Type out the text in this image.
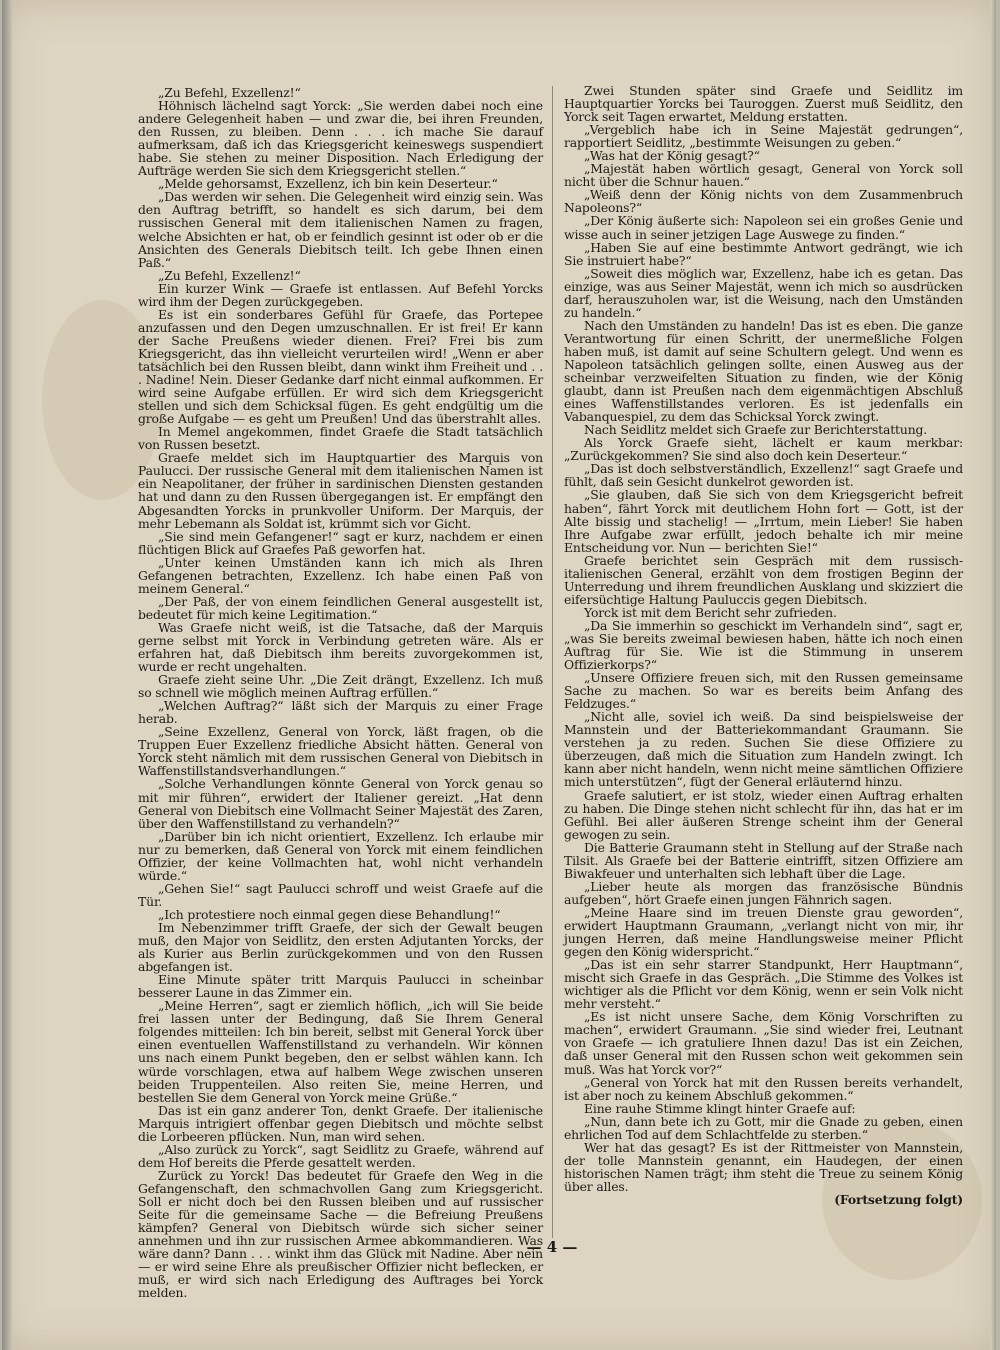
„Zu Befehl, Exzellenz!“

Höhnisch lächelnd sagt Yorck: „Sie werden dabei noch eine andere Gelegenheit haben — und zwar die, bei ihren Freunden, den Russen, zu bleiben. Denn . . . ich mache Sie darauf aufmerksam, daß ich das Kriegsgericht keineswegs suspendiert habe. Sie stehen zu meiner Disposition. Nach Erledigung der Aufträge werden Sie sich dem Kriegsgericht stellen.“

„Melde gehorsamst, Exzellenz, ich bin kein Deserteur.“

„Das werden wir sehen. Die Gelegenheit wird einzig sein. Was den Auftrag betrifft, so handelt es sich darum, bei dem russischen General mit dem italienischen Namen zu fragen, welche Absichten er hat, ob er feindlich gesinnt ist oder ob er die Ansichten des Generals Diebitsch teilt. Ich gebe Ihnen einen Paß.“

„Zu Befehl, Exzellenz!“

Ein kurzer Wink — Graefe ist entlassen. Auf Befehl Yorcks wird ihm der Degen zurückgegeben.

Es ist ein sonderbares Gefühl für Graefe, das Portepee anzufassen und den Degen umzuschnallen. Er ist frei! Er kann der Sache Preußens wieder dienen. Frei? Frei bis zum Kriegsgericht, das ihn vielleicht verurteilen wird! „Wenn er aber tatsächlich bei den Russen bleibt, dann winkt ihm Freiheit und . . . Nadine! Nein. Dieser Gedanke darf nicht einmal aufkommen. Er wird seine Aufgabe erfüllen. Er wird sich dem Kriegsgericht stellen und sich dem Schicksal fügen. Es geht endgültig um die große Aufgabe — es geht um Preußen! Und das überstrahlt alles.

In Memel angekommen, findet Graefe die Stadt tatsächlich von Russen besetzt.

Graefe meldet sich im Hauptquartier des Marquis von Paulucci. Der russische General mit dem italienischen Namen ist ein Neapolitaner, der früher in sardinischen Diensten gestanden hat und dann zu den Russen übergegangen ist. Er empfängt den Abgesandten Yorcks in prunkvoller Uniform. Der Marquis, der mehr Lebemann als Soldat ist, krümmt sich vor Gicht.

„Sie sind mein Gefangener!“ sagt er kurz, nachdem er einen flüchtigen Blick auf Graefes Paß geworfen hat.

„Unter keinen Umständen kann ich mich als Ihren Gefangenen betrachten, Exzellenz. Ich habe einen Paß von meinem General.“

„Der Paß, der von einem feindlichen General ausgestellt ist, bedeutet für mich keine Legitimation.“

Was Graefe nicht weiß, ist die Tatsache, daß der Marquis gerne selbst mit Yorck in Verbindung getreten wäre. Als er erfahren hat, daß Diebitsch ihm bereits zuvorgekommen ist, wurde er recht ungehalten.

Graefe zieht seine Uhr. „Die Zeit drängt, Exzellenz. Ich muß so schnell wie möglich meinen Auftrag erfüllen.“

„Welchen Auftrag?“ läßt sich der Marquis zu einer Frage herab.

„Seine Exzellenz, General von Yorck, läßt fragen, ob die Truppen Euer Exzellenz friedliche Absicht hätten. General von Yorck steht nämlich mit dem russischen General von Diebitsch in Waffenstillstandsverhandlungen.“

„Solche Verhandlungen könnte General von Yorck genau so mit mir führen“, erwidert der Italiener gereizt. „Hat denn General von Diebitsch eine Vollmacht Seiner Majestät des Zaren, über den Waffenstillstand zu verhandeln?“

„Darüber bin ich nicht orientiert, Exzellenz. Ich erlaube mir nur zu bemerken, daß General von Yorck mit einem feindlichen Offizier, der keine Vollmachten hat, wohl nicht verhandeln würde.“

„Gehen Sie!“ sagt Paulucci schroff und weist Graefe auf die Tür.

„Ich protestiere noch einmal gegen diese Behandlung!“

Im Nebenzimmer trifft Graefe, der sich der Gewalt beugen muß, den Major von Seidlitz, den ersten Adjutanten Yorcks, der als Kurier aus Berlin zurückgekommen und von den Russen abgefangen ist.

Eine Minute später tritt Marquis Paulucci in scheinbar besserer Laune in das Zimmer ein.

„Meine Herren“, sagt er ziemlich höflich, „ich will Sie beide frei lassen unter der Bedingung, daß Sie Ihrem General folgendes mitteilen: Ich bin bereit, selbst mit General Yorck über einen eventuellen Waffenstillstand zu verhandeln. Wir können uns nach einem Punkt begeben, den er selbst wählen kann. Ich würde vorschlagen, etwa auf halbem Wege zwischen unseren beiden Truppenteilen. Also reiten Sie, meine Herren, und bestellen Sie dem General von Yorck meine Grüße.“

Das ist ein ganz anderer Ton, denkt Graefe. Der italienische Marquis intrigiert offenbar gegen Diebitsch und möchte selbst die Lorbeeren pflücken. Nun, man wird sehen.

„Also zurück zu Yorck“, sagt Seidlitz zu Graefe, während auf dem Hof bereits die Pferde gesattelt werden.

Zurück zu Yorck! Das bedeutet für Graefe den Weg in die Gefangenschaft, den schmachvollen Gang zum Kriegsgericht. Soll er nicht doch bei den Russen bleiben und auf russischer Seite für die gemeinsame Sache — die Befreiung Preußens kämpfen? General von Diebitsch würde sich sicher seiner annehmen und ihn zur russischen Armee abkommandieren. Was wäre dann? Dann . . . winkt ihm das Glück mit Nadine. Aber nein — er wird seine Ehre als preußischer Offizier nicht beflecken, er muß, er wird sich nach Erledigung des Auftrages bei Yorck melden.

Zwei Stunden später sind Graefe und Seidlitz im Hauptquartier Yorcks bei Tauroggen. Zuerst muß Seidlitz, den Yorck seit Tagen erwartet, Meldung erstatten.

„Vergeblich habe ich in Seine Majestät gedrungen“, rapportiert Seidlitz, „bestimmte Weisungen zu geben.“

„Was hat der König gesagt?“

„Majestät haben wörtlich gesagt, General von Yorck soll nicht über die Schnur hauen.“

„Weiß denn der König nichts von dem Zusammenbruch Napoleons?“

„Der König äußerte sich: Napoleon sei ein großes Genie und wisse auch in seiner jetzigen Lage Auswege zu finden.“

„Haben Sie auf eine bestimmte Antwort gedrängt, wie ich Sie instruiert habe?“

„Soweit dies möglich war, Exzellenz, habe ich es getan. Das einzige, was aus Seiner Majestät, wenn ich mich so ausdrücken darf, herauszuholen war, ist die Weisung, nach den Umständen zu handeln.“

Nach den Umständen zu handeln! Das ist es eben. Die ganze Verantwortung für einen Schritt, der unermeßliche Folgen haben muß, ist damit auf seine Schultern gelegt. Und wenn es Napoleon tatsächlich gelingen sollte, einen Ausweg aus der scheinbar verzweifelten Situation zu finden, wie der König glaubt, dann ist Preußen nach dem eigenmächtigen Abschluß eines Waffenstillstandes verloren. Es ist jedenfalls ein Vabanquespiel, zu dem das Schicksal Yorck zwingt.

Nach Seidlitz meldet sich Graefe zur Berichterstattung.

Als Yorck Graefe sieht, lächelt er kaum merkbar: „Zurückgekommen? Sie sind also doch kein Deserteur.“

„Das ist doch selbstverständlich, Exzellenz!“ sagt Graefe und fühlt, daß sein Gesicht dunkelrot geworden ist.

„Sie glauben, daß Sie sich von dem Kriegsgericht befreit haben“, fährt Yorck mit deutlichem Hohn fort — Gott, ist der Alte bissig und stachelig! — „Irrtum, mein Lieber! Sie haben Ihre Aufgabe zwar erfüllt, jedoch behalte ich mir meine Entscheidung vor. Nun — berichten Sie!“

Graefe berichtet sein Gespräch mit dem russisch-italienischen General, erzählt von dem frostigen Beginn der Unterredung und ihrem freundlichen Ausklang und skizziert die eifersüchtige Haltung Pauluccis gegen Diebitsch.

Yorck ist mit dem Bericht sehr zufrieden.

„Da Sie immerhin so geschickt im Verhandeln sind“, sagt er, „was Sie bereits zweimal bewiesen haben, hätte ich noch einen Auftrag für Sie. Wie ist die Stimmung in unserem Offizierkorps?“

„Unsere Offiziere freuen sich, mit den Russen gemeinsame Sache zu machen. So war es bereits beim Anfang des Feldzuges.“

„Nicht alle, soviel ich weiß. Da sind beispielsweise der Mannstein und der Batteriekommandant Graumann. Sie verstehen ja zu reden. Suchen Sie diese Offiziere zu überzeugen, daß mich die Situation zum Handeln zwingt. Ich kann aber nicht handeln, wenn nicht meine sämtlichen Offiziere mich unterstützen“, fügt der General erläuternd hinzu.

Graefe salutiert, er ist stolz, wieder einen Auftrag erhalten zu haben. Die Dinge stehen nicht schlecht für ihn, das hat er im Gefühl. Bei aller äußeren Strenge scheint ihm der General gewogen zu sein.

Die Batterie Graumann steht in Stellung auf der Straße nach Tilsit. Als Graefe bei der Batterie eintrifft, sitzen Offiziere am Biwakfeuer und unterhalten sich lebhaft über die Lage.

„Lieber heute als morgen das französische Bündnis aufgeben“, hört Graefe einen jungen Fähnrich sagen.

„Meine Haare sind im treuen Dienste grau geworden“, erwidert Hauptmann Graumann, „verlangt nicht von mir, ihr jungen Herren, daß meine Handlungsweise meiner Pflicht gegen den König widerspricht.“

„Das ist ein sehr starrer Standpunkt, Herr Hauptmann“, mischt sich Graefe in das Gespräch. „Die Stimme des Volkes ist wichtiger als die Pflicht vor dem König, wenn er sein Volk nicht mehr versteht.“

„Es ist nicht unsere Sache, dem König Vorschriften zu machen“, erwidert Graumann. „Sie sind wieder frei, Leutnant von Graefe — ich gratuliere Ihnen dazu! Das ist ein Zeichen, daß unser General mit den Russen schon weit gekommen sein muß. Was hat Yorck vor?“

„General von Yorck hat mit den Russen bereits verhandelt, ist aber noch zu keinem Abschluß gekommen.“

Eine rauhe Stimme klingt hinter Graefe auf:

„Nun, dann bete ich zu Gott, mir die Gnade zu geben, einen ehrlichen Tod auf dem Schlachtfelde zu sterben.“

Wer hat das gesagt? Es ist der Rittmeister von Mannstein, der tolle Mannstein genannt, ein Haudegen, der einen historischen Namen trägt; ihm steht die Treue zu seinem König über alles.

(Fortsetzung folgt)

— 4 —
